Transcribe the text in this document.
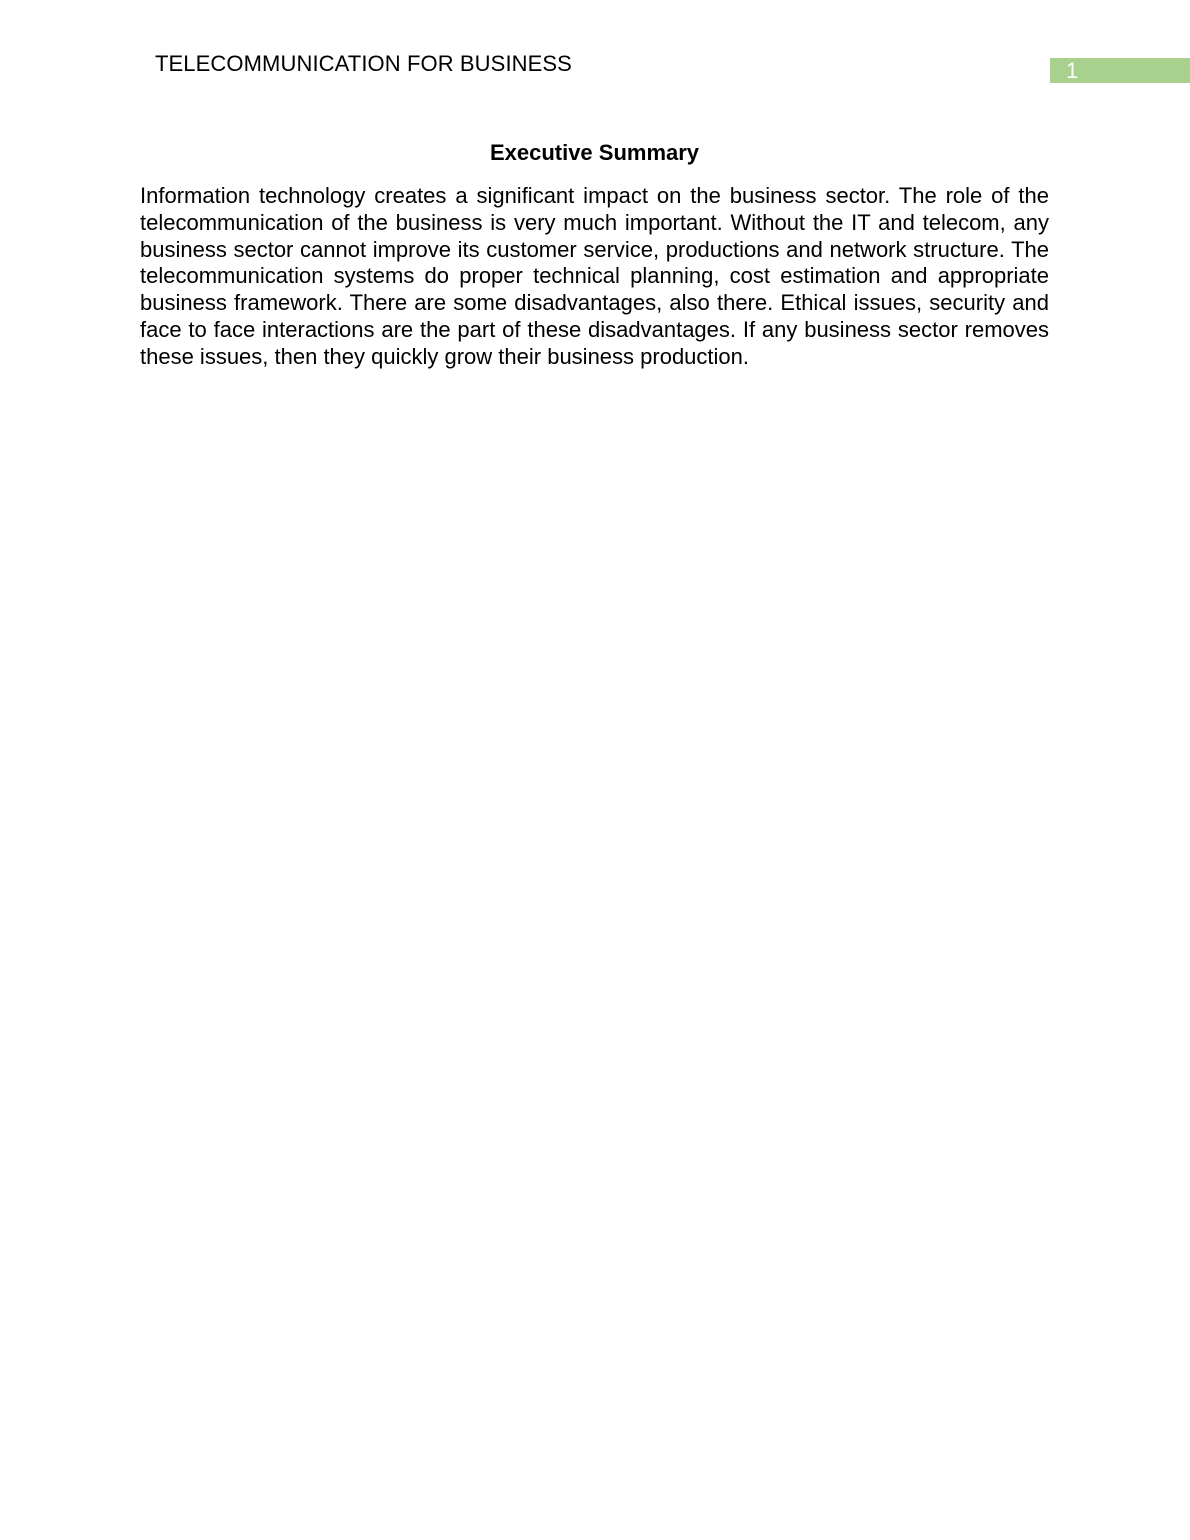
TELECOMMUNICATION FOR BUSINESS	1
Executive Summary

Information technology creates a significant impact on the business sector. The role of the telecommunication of the business is very much important. Without the IT and telecom, any business sector cannot improve its customer service, productions and network structure. The telecommunication systems do proper technical planning, cost estimation and appropriate business framework. There are some disadvantages, also there. Ethical issues, security and face to face interactions are the part of these disadvantages. If any business sector removes these issues, then they quickly grow their business production.
